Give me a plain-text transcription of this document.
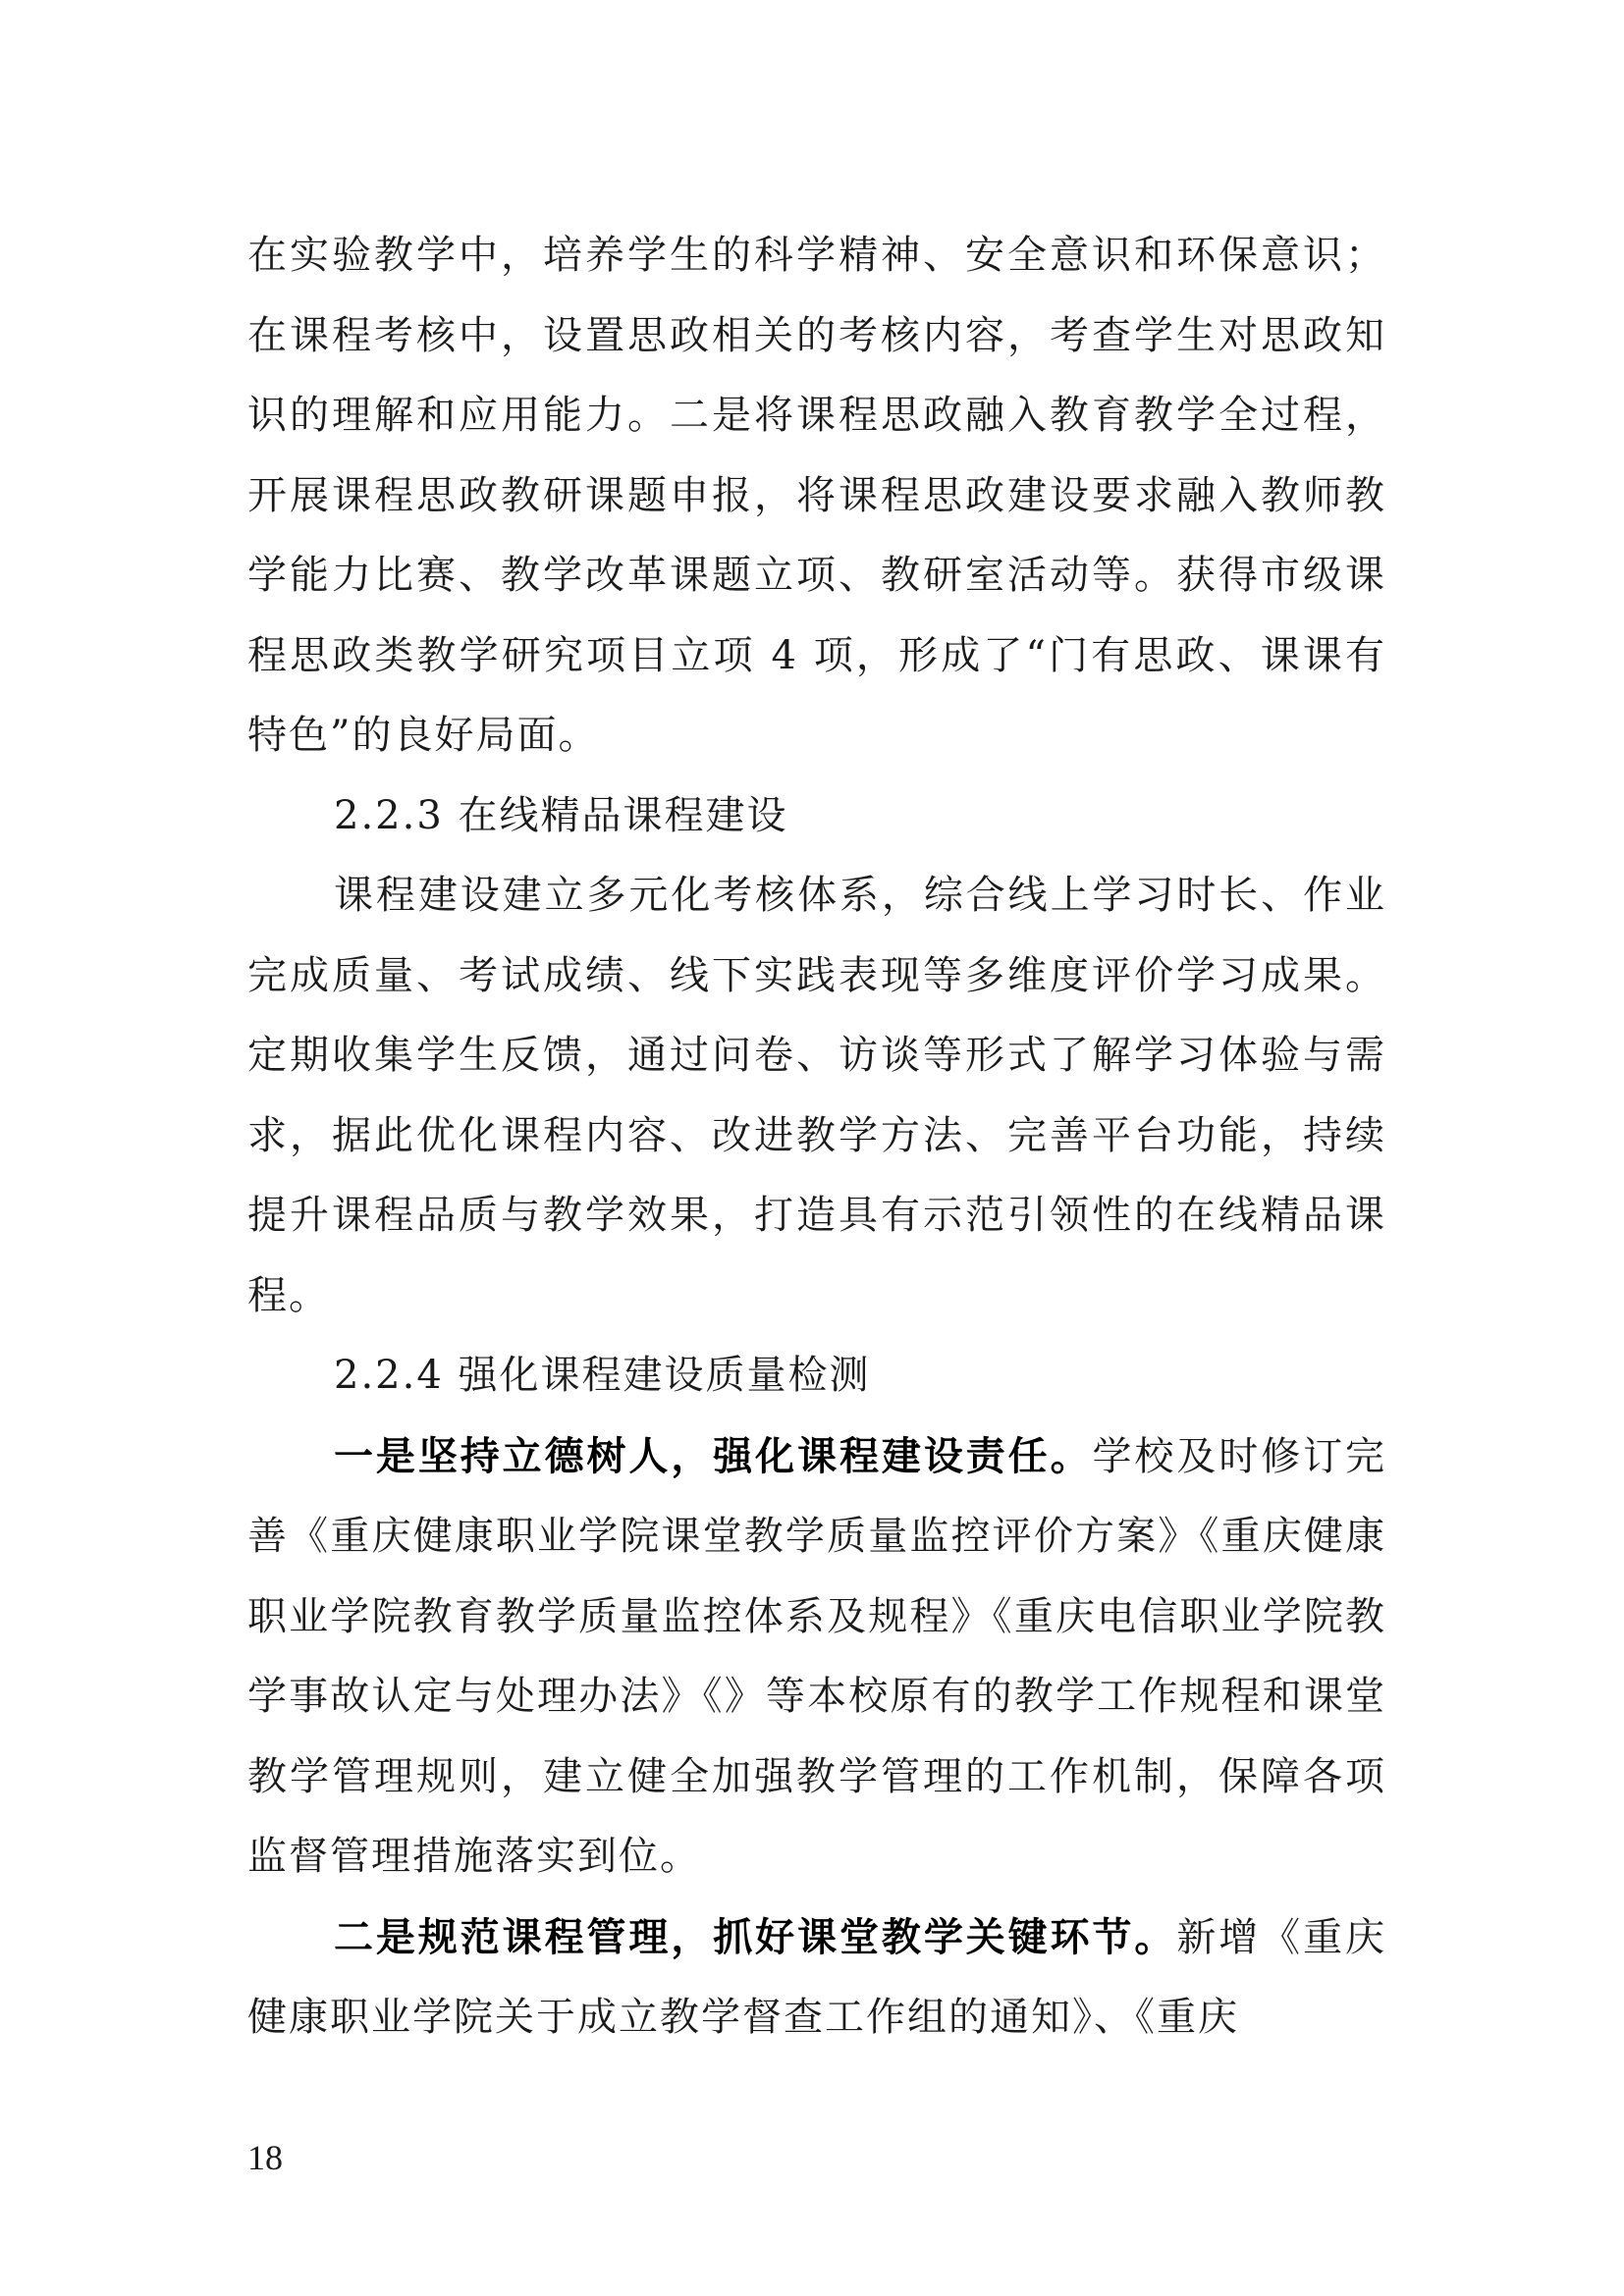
在实验教学中，培养学生的科学精神、安全意识和环保意识；在课程考核中，设置思政相关的考核内容，考查学生对思政知识的理解和应用能力。二是将课程思政融入教育教学全过程，开展课程思政教研课题申报，将课程思政建设要求融入教师教学能力比赛、教学改革课题立项、教研室活动等。获得市级课程思政类教学研究项目立项 4 项，形成了“门有思政、课课有特色”的良好局面。

2.2.3 在线精品课程建设

课程建设建立多元化考核体系，综合线上学习时长、作业完成质量、考试成绩、线下实践表现等多维度评价学习成果。定期收集学生反馈，通过问卷、访谈等形式了解学习体验与需求，据此优化课程内容、改进教学方法、完善平台功能，持续提升课程品质与教学效果，打造具有示范引领性的在线精品课程。

2.2.4 强化课程建设质量检测

一是坚持立德树人，强化课程建设责任。学校及时修订完善《重庆健康职业学院课堂教学质量监控评价方案》《重庆健康职业学院教育教学质量监控体系及规程》《重庆电信职业学院教学事故认定与处理办法》《》等本校原有的教学工作规程和课堂教学管理规则，建立健全加强教学管理的工作机制，保障各项监督管理措施落实到位。

二是规范课程管理，抓好课堂教学关键环节。新增《重庆健康职业学院关于成立教学督查工作组的通知》、《重庆

18
